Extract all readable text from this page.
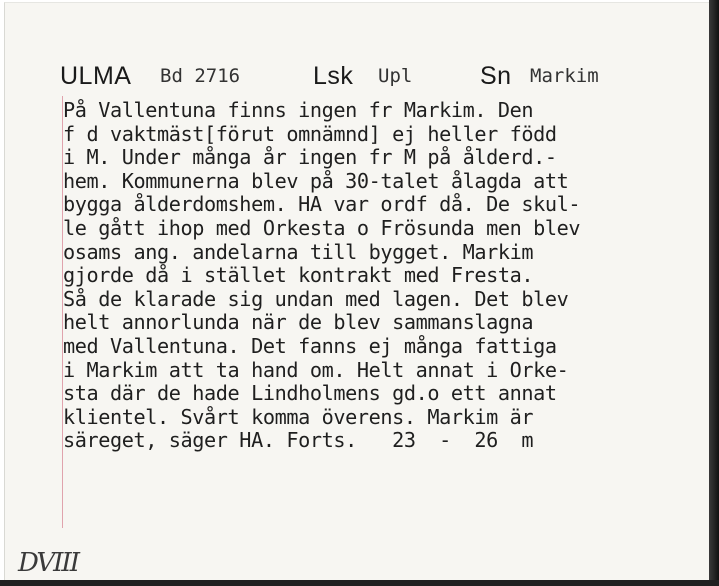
ULMA Bd 2716	Lsk Upl	Sn Markim
På Vallentuna finns ingen fr Markim. Den
f d vaktmäst[förut omnämnd] ej heller född
i M. Under många år ingen fr M på ålderd.-
hem. Kommunerna blev på 30-talet ålagda att
bygga ålderdomshem. HA var ordf då. De skul-
le gått ihop med Orkesta o Frösunda men blev
osams ang. andelarna till bygget. Markim
gjorde då i stället kontrakt med Fresta.
Så de klarade sig undan med lagen. Det blev
helt annorlunda när de blev sammanslagna
med Vallentuna. Det fanns ej många fattiga
i Markim att ta hand om. Helt annat i Orke-
sta där de hade Lindholmens gd.o ett annat
klientel. Svårt komma överens. Markim är
säreget, säger HA. Forts.   23  -  26  m
DVIII
